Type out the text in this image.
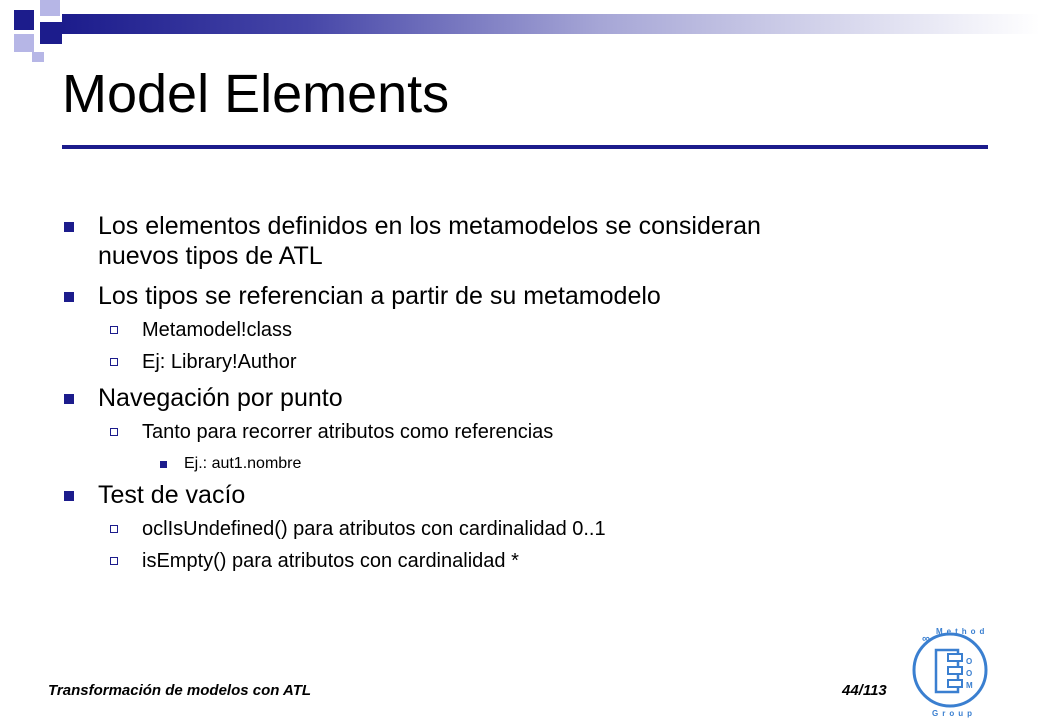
Model Elements
Los elementos definidos en los metamodelos se consideran
nuevos tipos de ATL
Los tipos se referencian a partir de su metamodelo
Metamodel!class
Ej: Library!Author
Navegación por punto
Tanto para recorrer atributos como referencias
Ej.: aut1.nombre
Test de vacío
oclIsUndefined() para atributos con cardinalidad 0..1
isEmpty() para atributos con cardinalidad *
Transformación de modelos con ATL	44/113
O
O
M
∞
Method
Group
